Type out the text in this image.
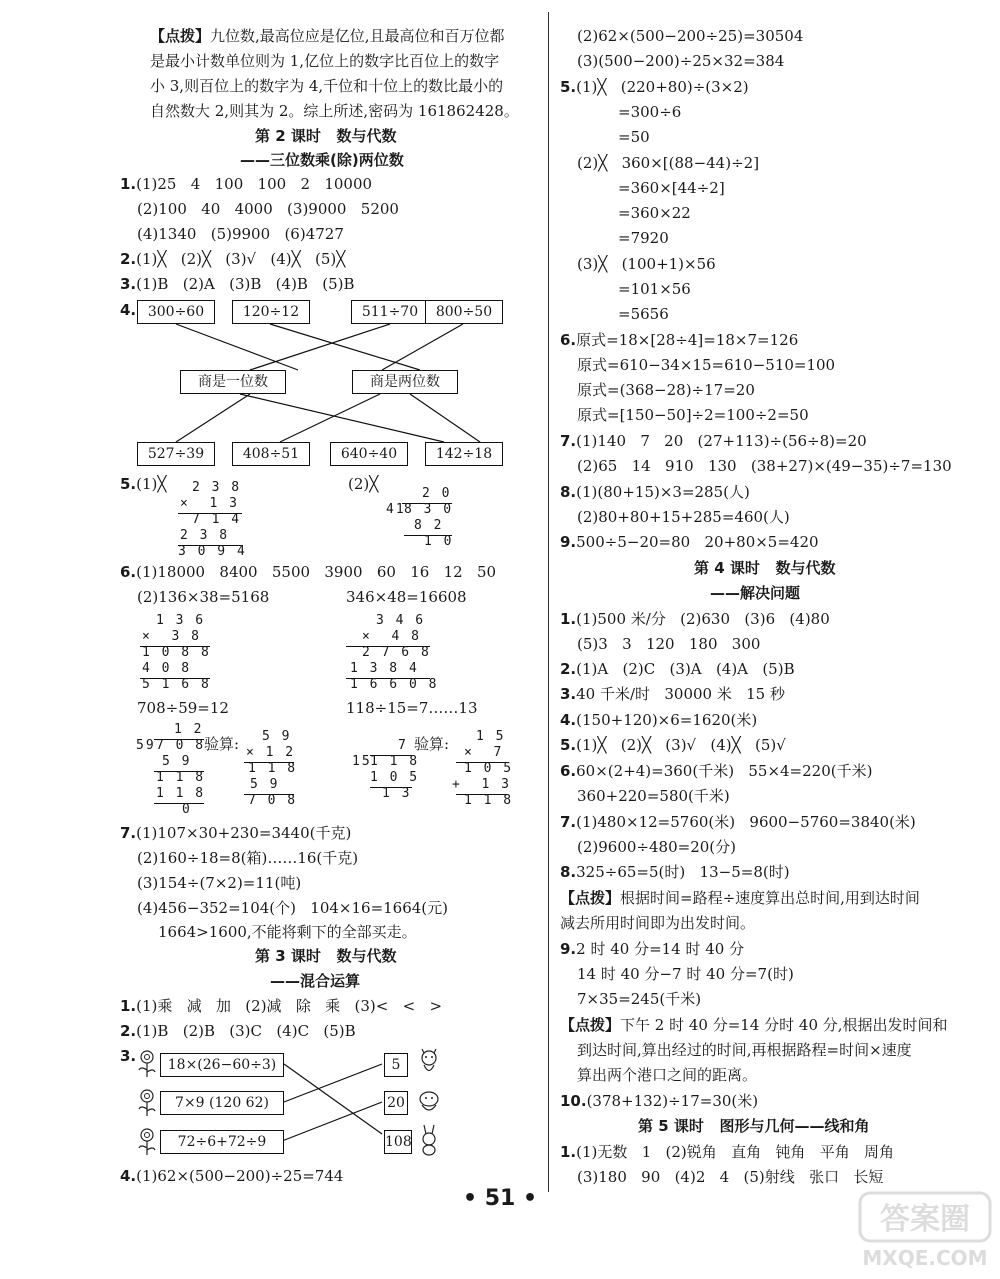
【点拨】九位数,最高位应是亿位,且最高位和百万位都
是最小计数单位则为 1,亿位上的数字比百位上的数字
小 3,则百位上的数字为 4,千位和十位上的数比最小的
自然数大 2,则其为 2。综上所述,密码为 161862428。
第 2 课时   数与代数
——三位数乘(除)两位数
1.(1)25   4   100   100   2   10000
(2)100   40   4000   (3)9000   5200
(4)1340   (5)9900   (6)4727
2.(1)╳   (2)╳   (3)√   (4)╳   (5)╳
3.(1)B   (2)A   (3)B   (4)B   (5)B
4. 300÷60	120÷12	511÷70	800÷50
商是一位数	商是两位数
527÷39	408÷51	640÷40	142÷18
5.(1)╳	(2)╳
2 3 8
×  1 3
7 1 4
2 3 8
3 0 9 4
2 0
41
8 3 0
8 2
1 0
6.(1)18000   8400   5500   3900   60   16   12   50
(2)136×38=5168	346×48=16608
1 3 6
×  3 8
1 0 8 8
4 0 8
5 1 6 8
3 4 6
×  4 8
2 7 6 8
1 3 8 4
1 6 6 0 8
708÷59=12	118÷15=7……13
1 2
59 7 0 8
5 9
1 1 8
1 1 8
0
验算: 5 9
× 1 2
1 1 8
5 9
7 0 8
7
15
1 1 8
1 0 5
1 3
验算: 1 5
×  7
1 0 5
+  1 3
1 1 8
7.(1)107×30+230=3440(千克)
(2)160÷18=8(箱)……16(千克)
(3)154÷(7×2)=11(吨)
(4)456−352=104(个)   104×16=1664(元)
1664>1600,不能将剩下的全部买走。
第 3 课时   数与代数
——混合运算
1.(1)乘   减   加   (2)减   除   乘   (3)<   <   >
2.(1)B   (2)B   (3)C   (4)C   (5)B
3.	18×(26−60÷3)
7×9 (120 62)
72÷6+72÷9
5
20
108
4.(1)62×(500−200)÷25=744
(2)62×(500−200÷25)=30504
(3)(500−200)÷25×32=384
5.(1)╳   (220+80)÷(3×2)
=300÷6
=50
(2)╳   360×[(88−44)÷2]
=360×[44÷2]
=360×22
=7920
(3)╳   (100+1)×56
=101×56
=5656
6.原式=18×[28÷4]=18×7=126
原式=610−34×15=610−510=100
原式=(368−28)÷17=20
原式=[150−50]÷2=100÷2=50
7.(1)140   7   20   (27+113)÷(56÷8)=20
(2)65   14   910   130   (38+27)×(49−35)÷7=130
8.(1)(80+15)×3=285(人)
(2)80+80+15+285=460(人)
9.500÷5−20=80   20+80×5=420
第 4 课时   数与代数
——解决问题
1.(1)500 米/分   (2)630   (3)6   (4)80
(5)3   3   120   180   300
2.(1)A   (2)C   (3)A   (4)A   (5)B
3.40 千米/时   30000 米   15 秒
4.(150+120)×6=1620(米)
5.(1)╳   (2)╳   (3)√   (4)╳   (5)√
6.60×(2+4)=360(千米)   55×4=220(千米)
360+220=580(千米)
7.(1)480×12=5760(米)   9600−5760=3840(米)
(2)9600÷480=20(分)
8.325÷65=5(时)   13−5=8(时)
【点拨】根据时间=路程÷速度算出总时间,用到达时间
减去所用时间即为出发时间。
9.2 时 40 分=14 时 40 分
14 时 40 分−7 时 40 分=7(时)
7×35=245(千米)
【点拨】下午 2 时 40 分=14 分时 40 分,根据出发时间和
到达时间,算出经过的时间,再根据路程=时间×速度
算出两个港口之间的距离。
10.(378+132)÷17=30(米)
第 5 课时   图形与几何——线和角
1.(1)无数   1   (2)锐角   直角   钝角   平角   周角
(3)180   90   (4)2   4   (5)射线   张口   长短
• 51 •
答案圈
MXQE.COM
